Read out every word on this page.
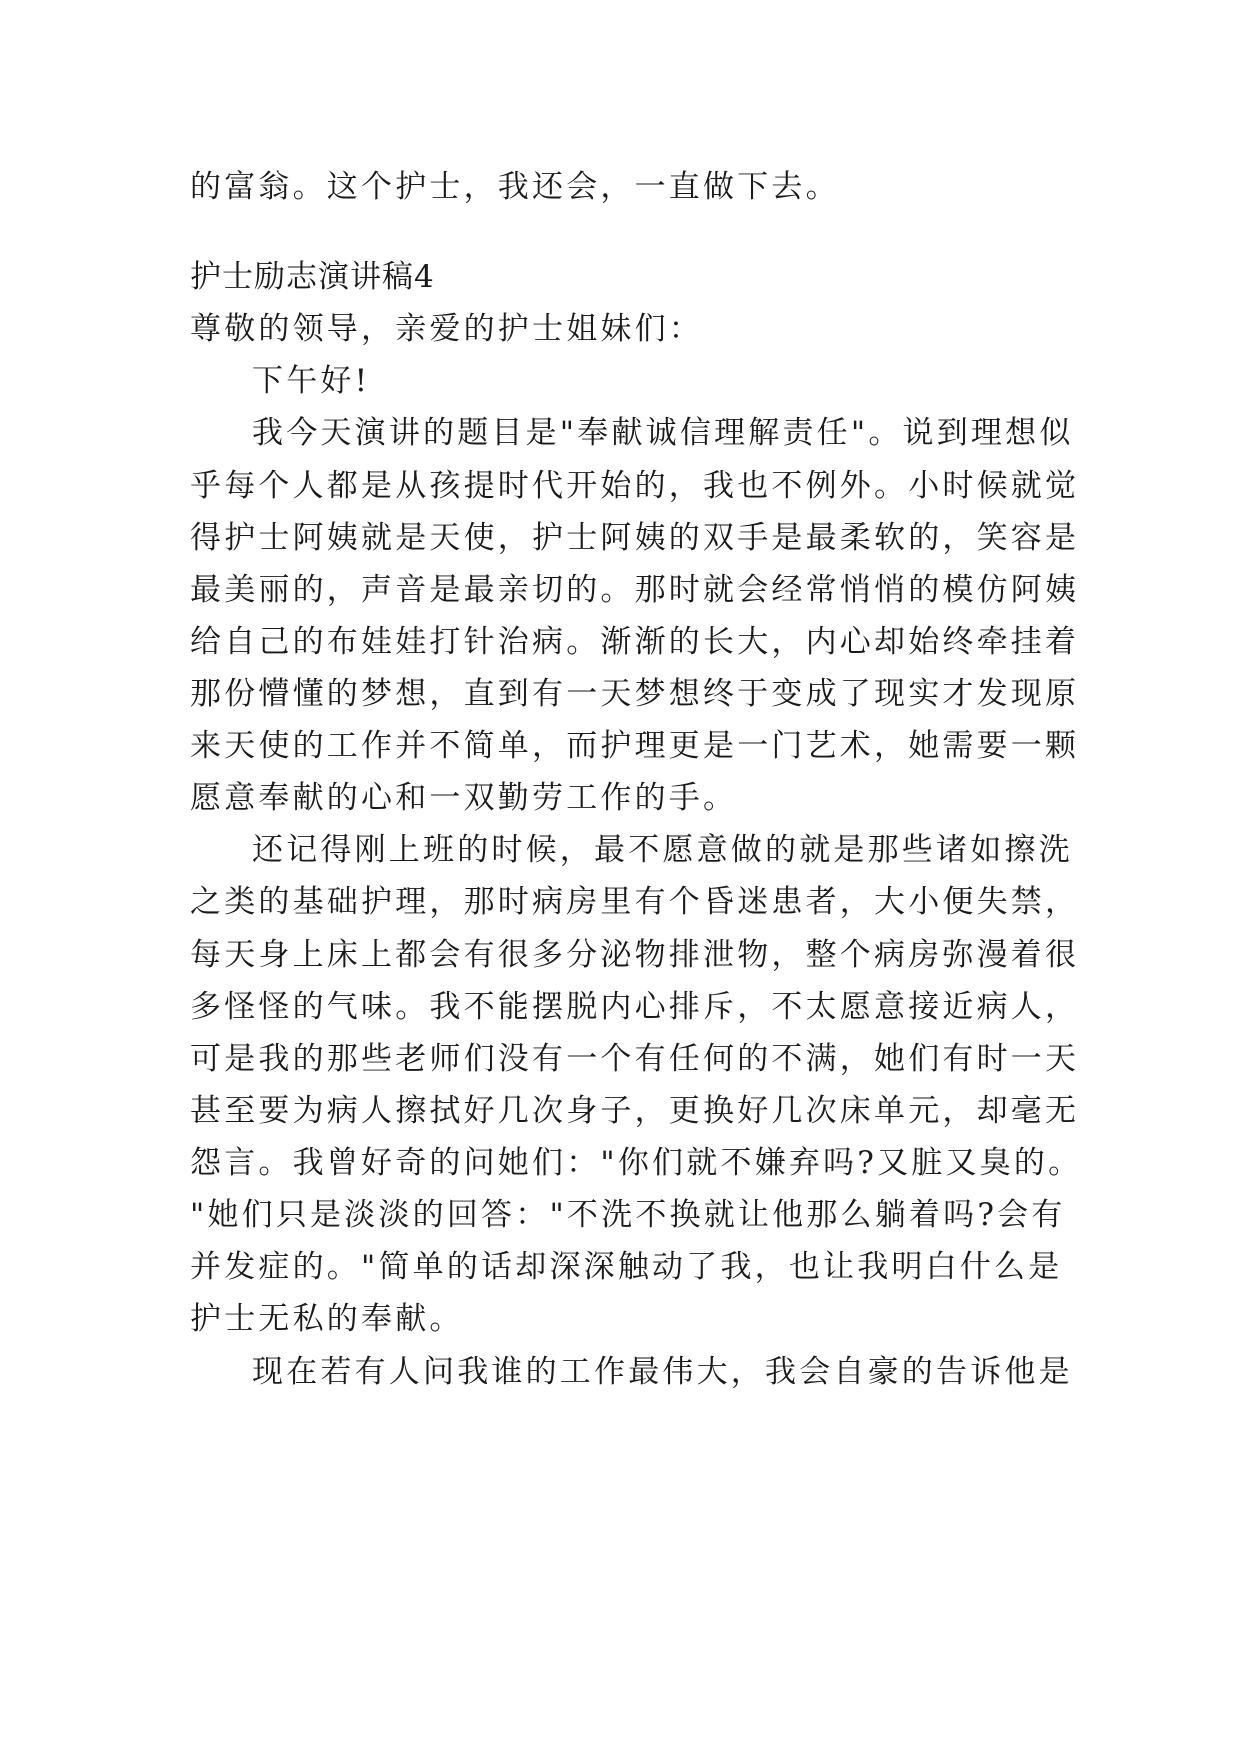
的富翁。这个护士，我还会，一直做下去。
护士励志演讲稿4
尊敬的领导，亲爱的护士姐妹们：
下午好!
我今天演讲的题目是"奉献诚信理解责任"。说到理想似
乎每个人都是从孩提时代开始的，我也不例外。小时候就觉
得护士阿姨就是天使，护士阿姨的双手是最柔软的，笑容是
最美丽的，声音是最亲切的。那时就会经常悄悄的模仿阿姨
给自己的布娃娃打针治病。渐渐的长大，内心却始终牵挂着
那份懵懂的梦想，直到有一天梦想终于变成了现实才发现原
来天使的工作并不简单，而护理更是一门艺术，她需要一颗
愿意奉献的心和一双勤劳工作的手。
还记得刚上班的时候，最不愿意做的就是那些诸如擦洗
之类的基础护理，那时病房里有个昏迷患者，大小便失禁，
每天身上床上都会有很多分泌物排泄物，整个病房弥漫着很
多怪怪的气味。我不能摆脱内心排斥，不太愿意接近病人，
可是我的那些老师们没有一个有任何的不满，她们有时一天
甚至要为病人擦拭好几次身子，更换好几次床单元，却毫无
怨言。我曾好奇的问她们："你们就不嫌弃吗?又脏又臭的。
"她们只是淡淡的回答："不洗不换就让他那么躺着吗?会有
并发症的。"简单的话却深深触动了我，也让我明白什么是
护士无私的奉献。
现在若有人问我谁的工作最伟大，我会自豪的告诉他是
